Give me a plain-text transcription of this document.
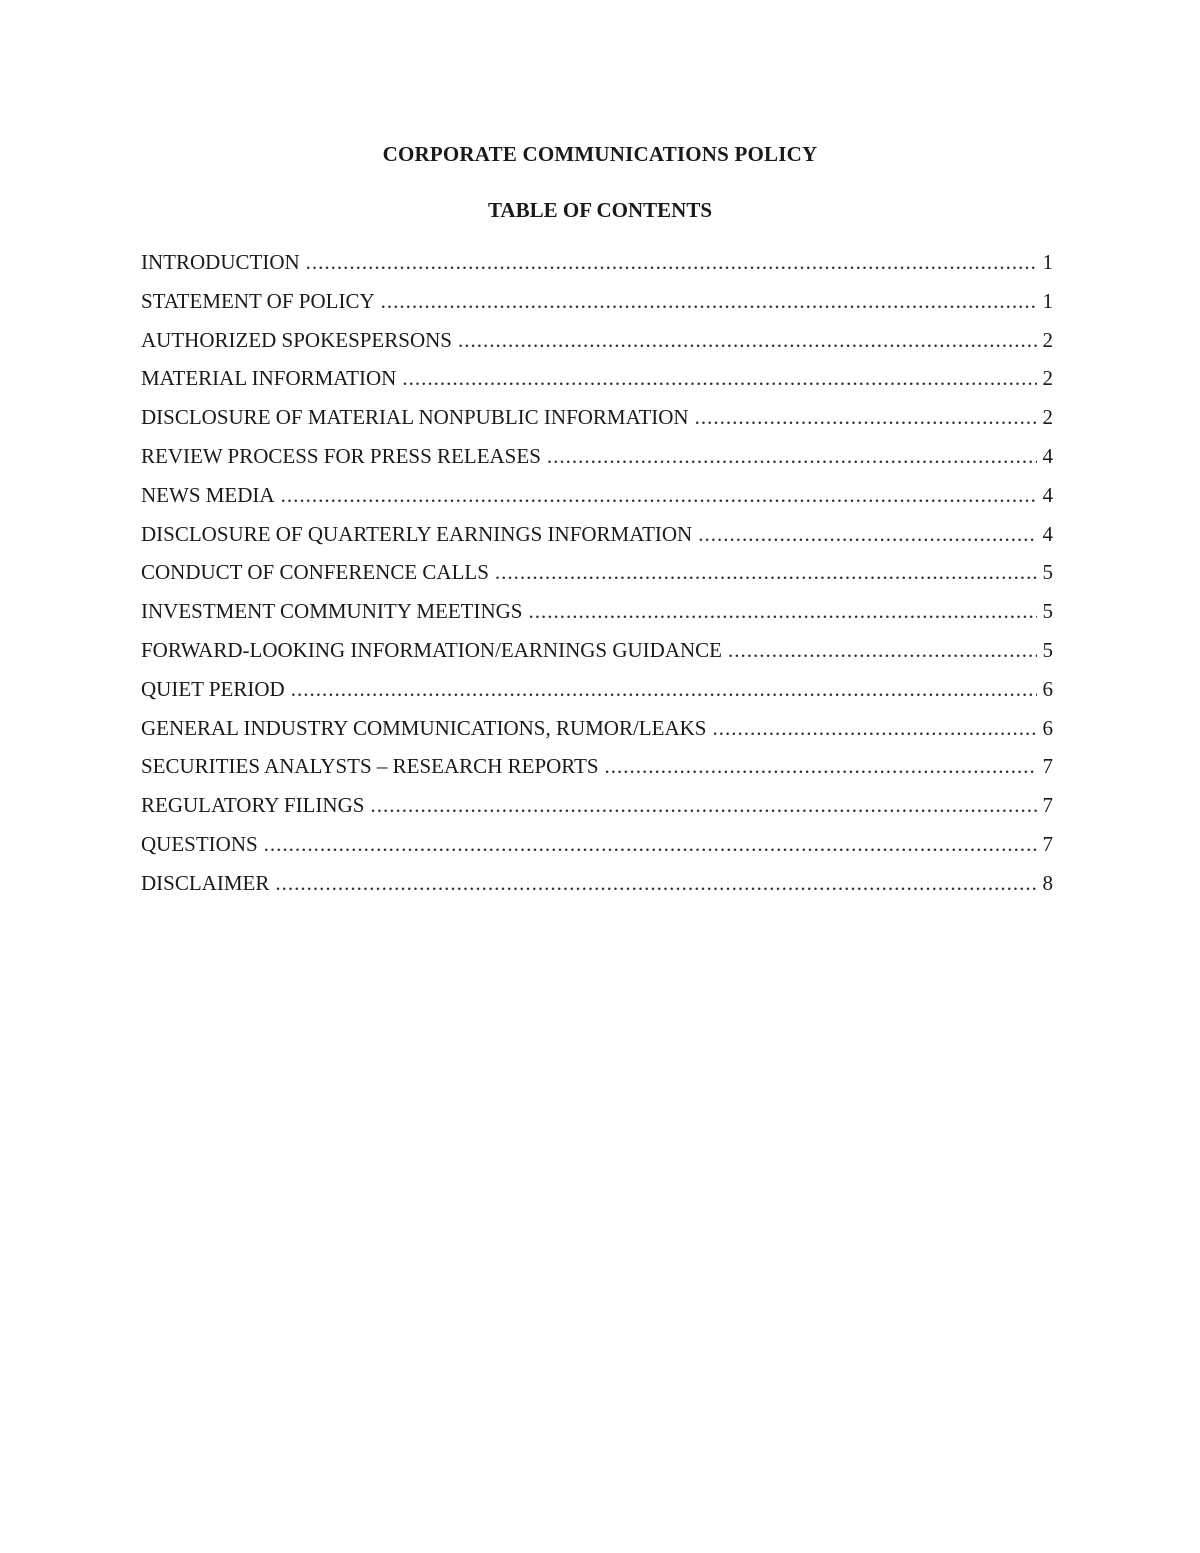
CORPORATE COMMUNICATIONS POLICY
TABLE OF CONTENTS
INTRODUCTION .....	1
STATEMENT OF POLICY .....	1
AUTHORIZED SPOKESPERSONS .....	2
MATERIAL INFORMATION .....	2
DISCLOSURE OF MATERIAL NONPUBLIC INFORMATION .....	2
REVIEW PROCESS FOR PRESS RELEASES .....	4
NEWS MEDIA .....	4
DISCLOSURE OF QUARTERLY EARNINGS INFORMATION .....	4
CONDUCT OF CONFERENCE CALLS .....	5
INVESTMENT COMMUNITY MEETINGS .....	5
FORWARD-LOOKING INFORMATION/EARNINGS GUIDANCE .....	5
QUIET PERIOD .....	6
GENERAL INDUSTRY COMMUNICATIONS, RUMOR/LEAKS .....	6
SECURITIES ANALYSTS – RESEARCH REPORTS .....	7
REGULATORY FILINGS .....	7
QUESTIONS .....	7
DISCLAIMER .....	8
